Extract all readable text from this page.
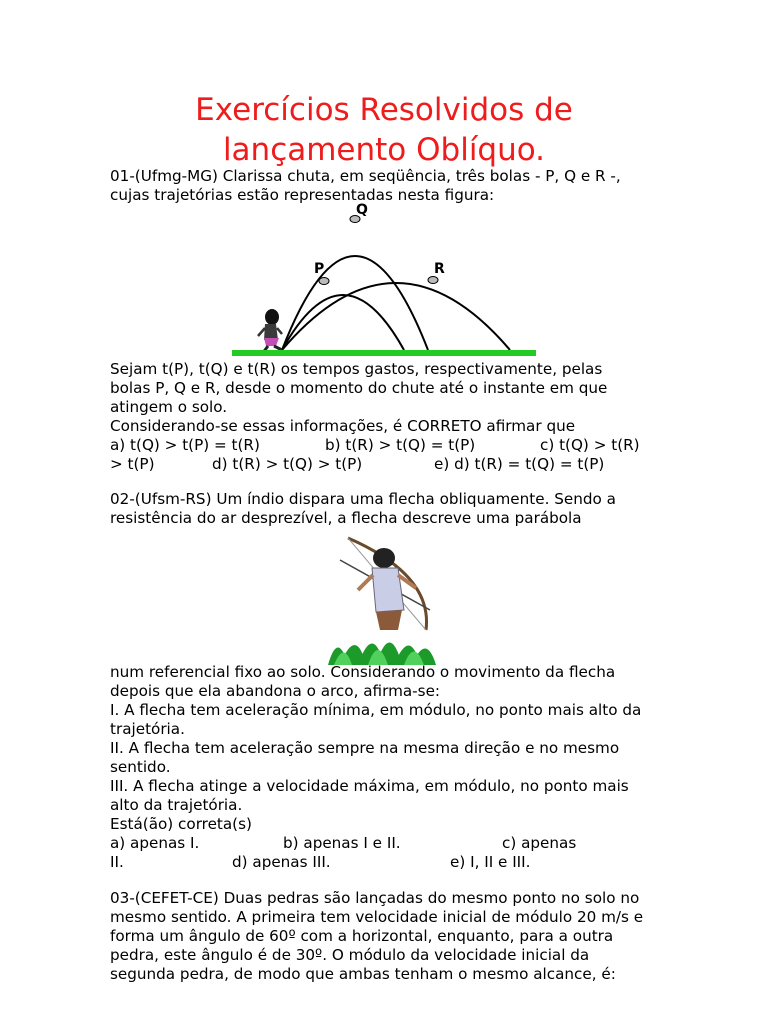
Exercícios Resolvidos de
lançamento Oblíquo.
01-(Ufmg-MG) Clarissa chuta, em seqüência, três bolas - P, Q e R -,
cujas trajetórias estão representadas nesta figura:
Q
P	R
Sejam t(P), t(Q) e t(R) os tempos gastos, respectivamente, pelas
bolas P, Q e R, desde o momento do chute até o instante em que
atingem o solo.
Considerando-se essas informações, é CORRETO afirmar que
a) t(Q) > t(P) = t(R)	b) t(R) > t(Q) = t(P)	c) t(Q) > t(R)
> t(P)	d) t(R) > t(Q) > t(P)	e) d) t(R) = t(Q) = t(P)
02-(Ufsm-RS) Um índio dispara uma flecha obliquamente. Sendo a
resistência do ar desprezível, a flecha descreve uma parábola
num referencial fixo ao solo. Considerando o movimento da flecha
depois que ela abandona o arco, afirma-se:
I. A flecha tem aceleração mínima, em módulo, no ponto mais alto da
trajetória.
II. A flecha tem aceleração sempre na mesma direção e no mesmo
sentido.
III. A flecha atinge a velocidade máxima, em módulo, no ponto mais
alto da trajetória.
Está(ão) correta(s)
a) apenas I.	b) apenas I e II.	c) apenas
II.	d) apenas III.	e) I, II e III.
03-(CEFET-CE) Duas pedras são lançadas do mesmo ponto no solo no
mesmo sentido. A primeira tem velocidade inicial de módulo 20 m/s e
forma um ângulo de 60º com a horizontal, enquanto, para a outra
pedra, este ângulo é de 30º. O módulo da velocidade inicial da
segunda pedra, de modo que ambas tenham o mesmo alcance, é:
